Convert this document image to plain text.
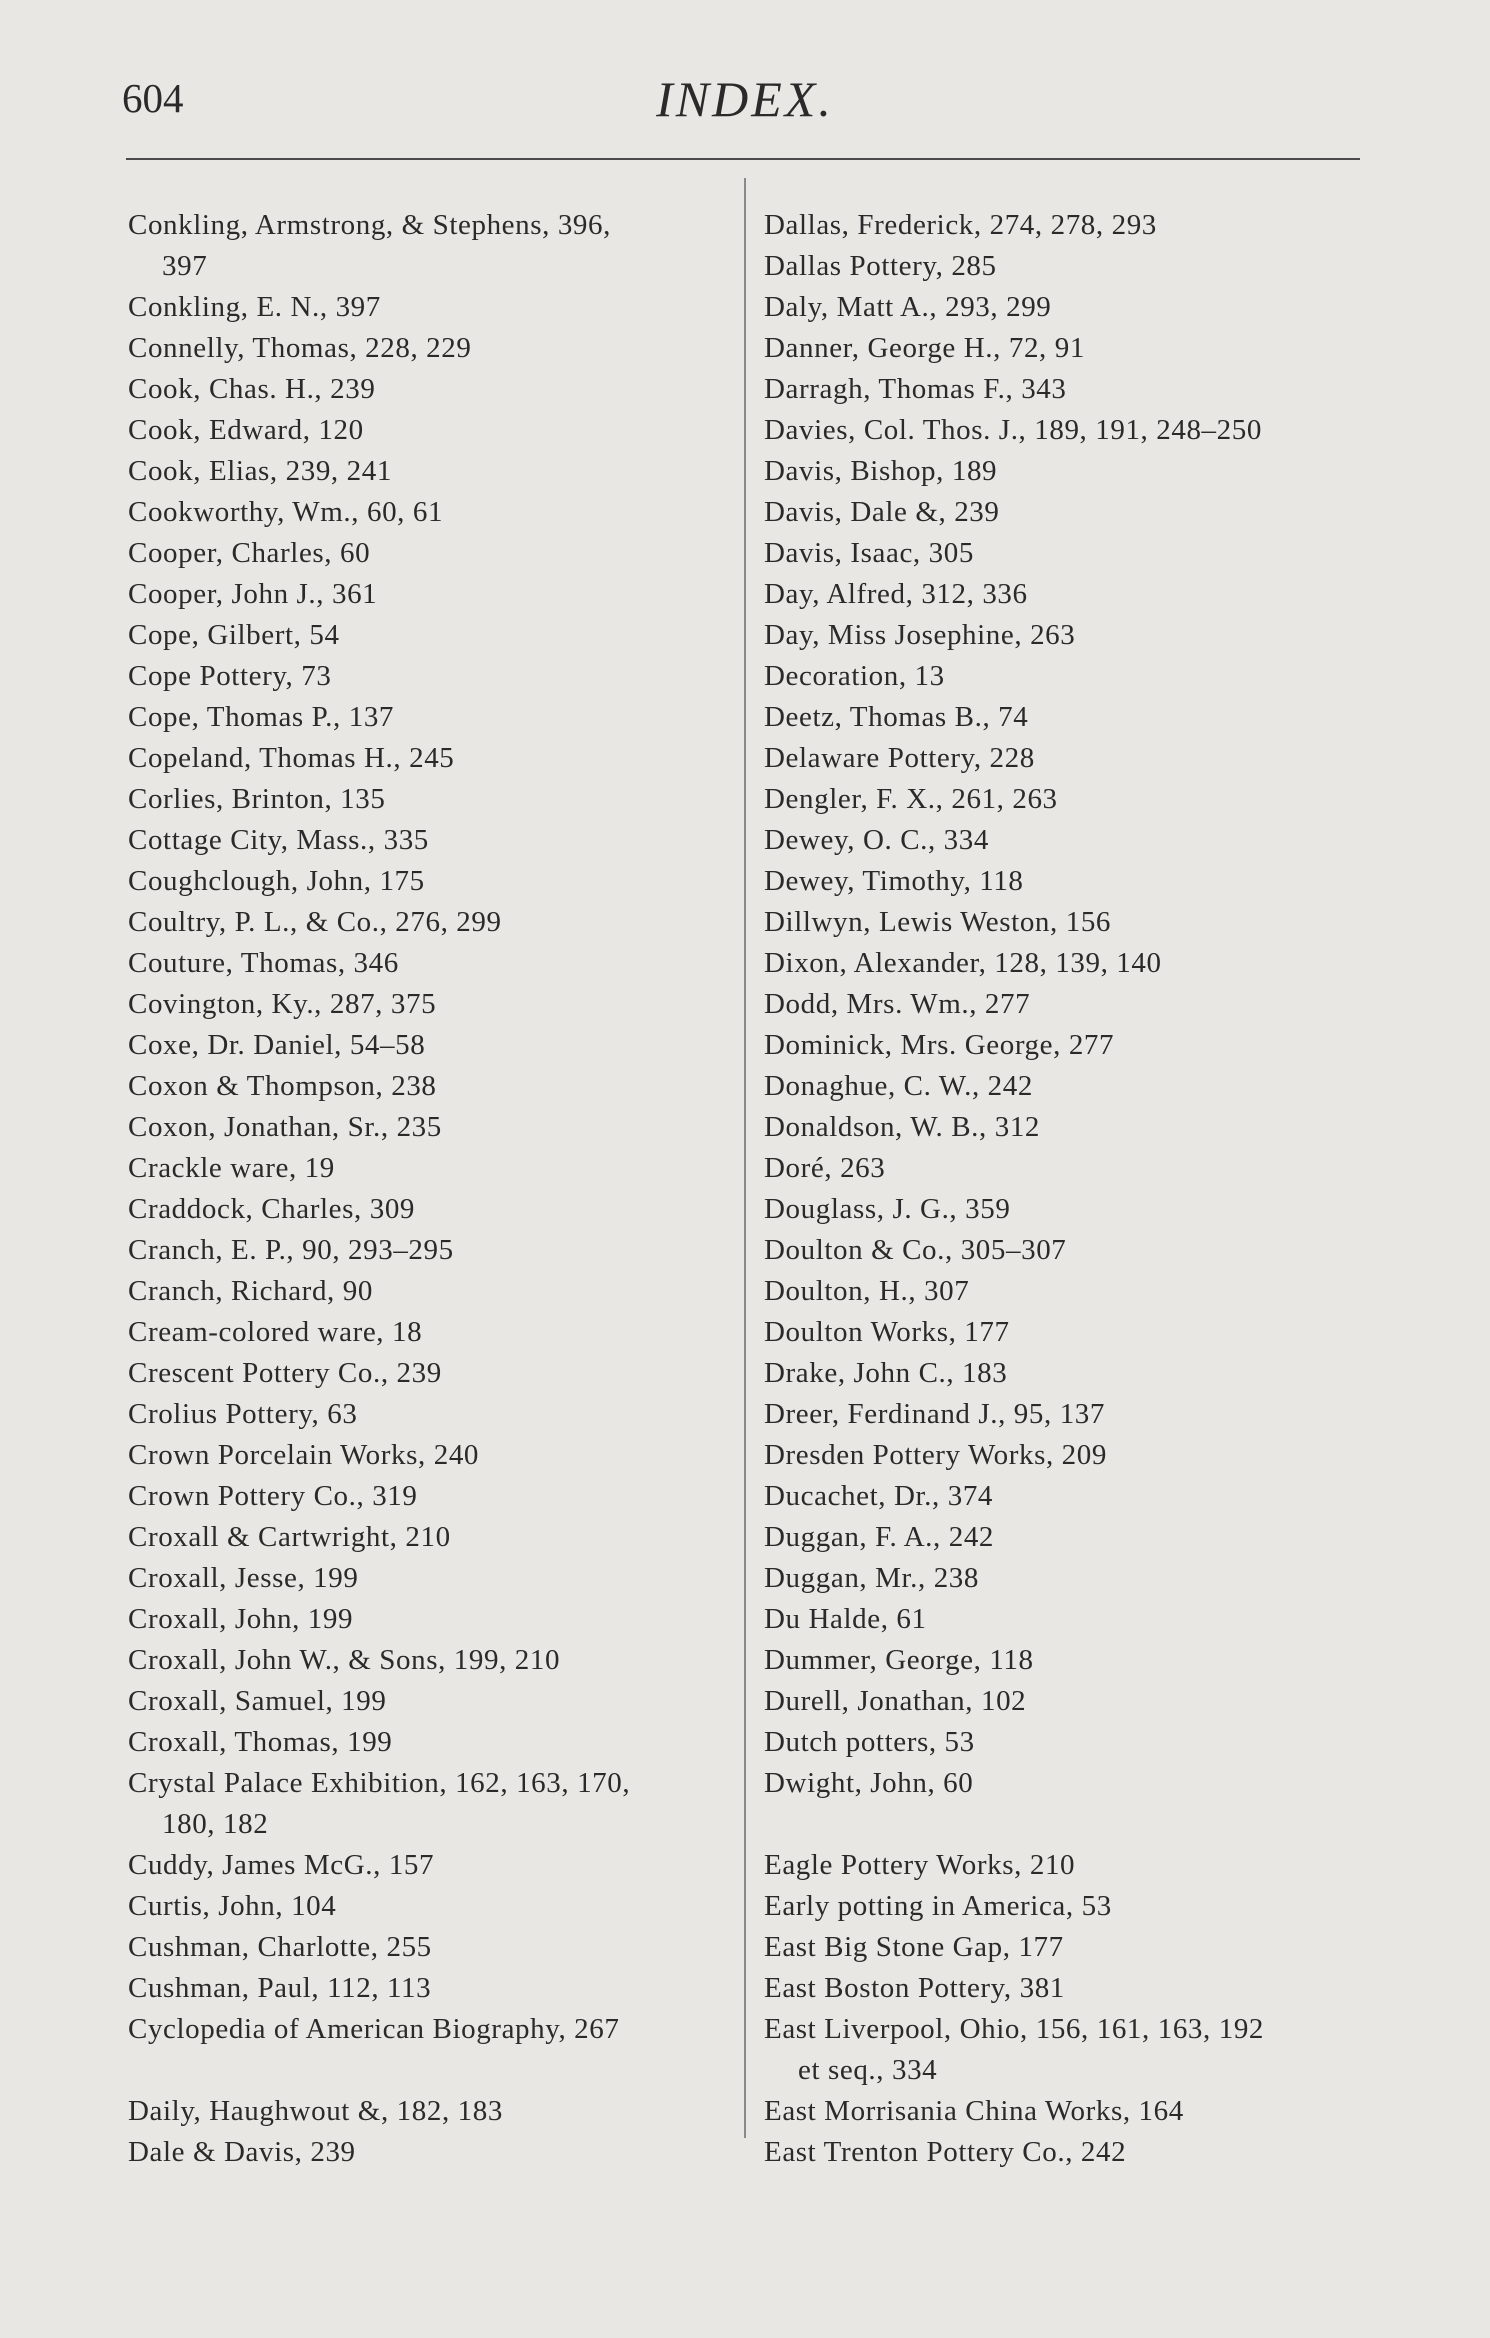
604	INDEX.
Conkling, Armstrong, & Stephens, 396,
397
Conkling, E. N., 397
Connelly, Thomas, 228, 229
Cook, Chas. H., 239
Cook, Edward, 120
Cook, Elias, 239, 241
Cookworthy, Wm., 60, 61
Cooper, Charles, 60
Cooper, John J., 361
Cope, Gilbert, 54
Cope Pottery, 73
Cope, Thomas P., 137
Copeland, Thomas H., 245
Corlies, Brinton, 135
Cottage City, Mass., 335
Coughclough, John, 175
Coultry, P. L., & Co., 276, 299
Couture, Thomas, 346
Covington, Ky., 287, 375
Coxe, Dr. Daniel, 54–58
Coxon & Thompson, 238
Coxon, Jonathan, Sr., 235
Crackle ware, 19
Craddock, Charles, 309
Cranch, E. P., 90, 293–295
Cranch, Richard, 90
Cream-colored ware, 18
Crescent Pottery Co., 239
Crolius Pottery, 63
Crown Porcelain Works, 240
Crown Pottery Co., 319
Croxall & Cartwright, 210
Croxall, Jesse, 199
Croxall, John, 199
Croxall, John W., & Sons, 199, 210
Croxall, Samuel, 199
Croxall, Thomas, 199
Crystal Palace Exhibition, 162, 163, 170,
180, 182
Cuddy, James McG., 157
Curtis, John, 104
Cushman, Charlotte, 255
Cushman, Paul, 112, 113
Cyclopedia of American Biography, 267
Daily, Haughwout &, 182, 183
Dale & Davis, 239
Dallas, Frederick, 274, 278, 293
Dallas Pottery, 285
Daly, Matt A., 293, 299
Danner, George H., 72, 91
Darragh, Thomas F., 343
Davies, Col. Thos. J., 189, 191, 248–250
Davis, Bishop, 189
Davis, Dale &, 239
Davis, Isaac, 305
Day, Alfred, 312, 336
Day, Miss Josephine, 263
Decoration, 13
Deetz, Thomas B., 74
Delaware Pottery, 228
Dengler, F. X., 261, 263
Dewey, O. C., 334
Dewey, Timothy, 118
Dillwyn, Lewis Weston, 156
Dixon, Alexander, 128, 139, 140
Dodd, Mrs. Wm., 277
Dominick, Mrs. George, 277
Donaghue, C. W., 242
Donaldson, W. B., 312
Doré, 263
Douglass, J. G., 359
Doulton & Co., 305–307
Doulton, H., 307
Doulton Works, 177
Drake, John C., 183
Dreer, Ferdinand J., 95, 137
Dresden Pottery Works, 209
Ducachet, Dr., 374
Duggan, F. A., 242
Duggan, Mr., 238
Du Halde, 61
Dummer, George, 118
Durell, Jonathan, 102
Dutch potters, 53
Dwight, John, 60
Eagle Pottery Works, 210
Early potting in America, 53
East Big Stone Gap, 177
East Boston Pottery, 381
East Liverpool, Ohio, 156, 161, 163, 192
et seq., 334
East Morrisania China Works, 164
East Trenton Pottery Co., 242
